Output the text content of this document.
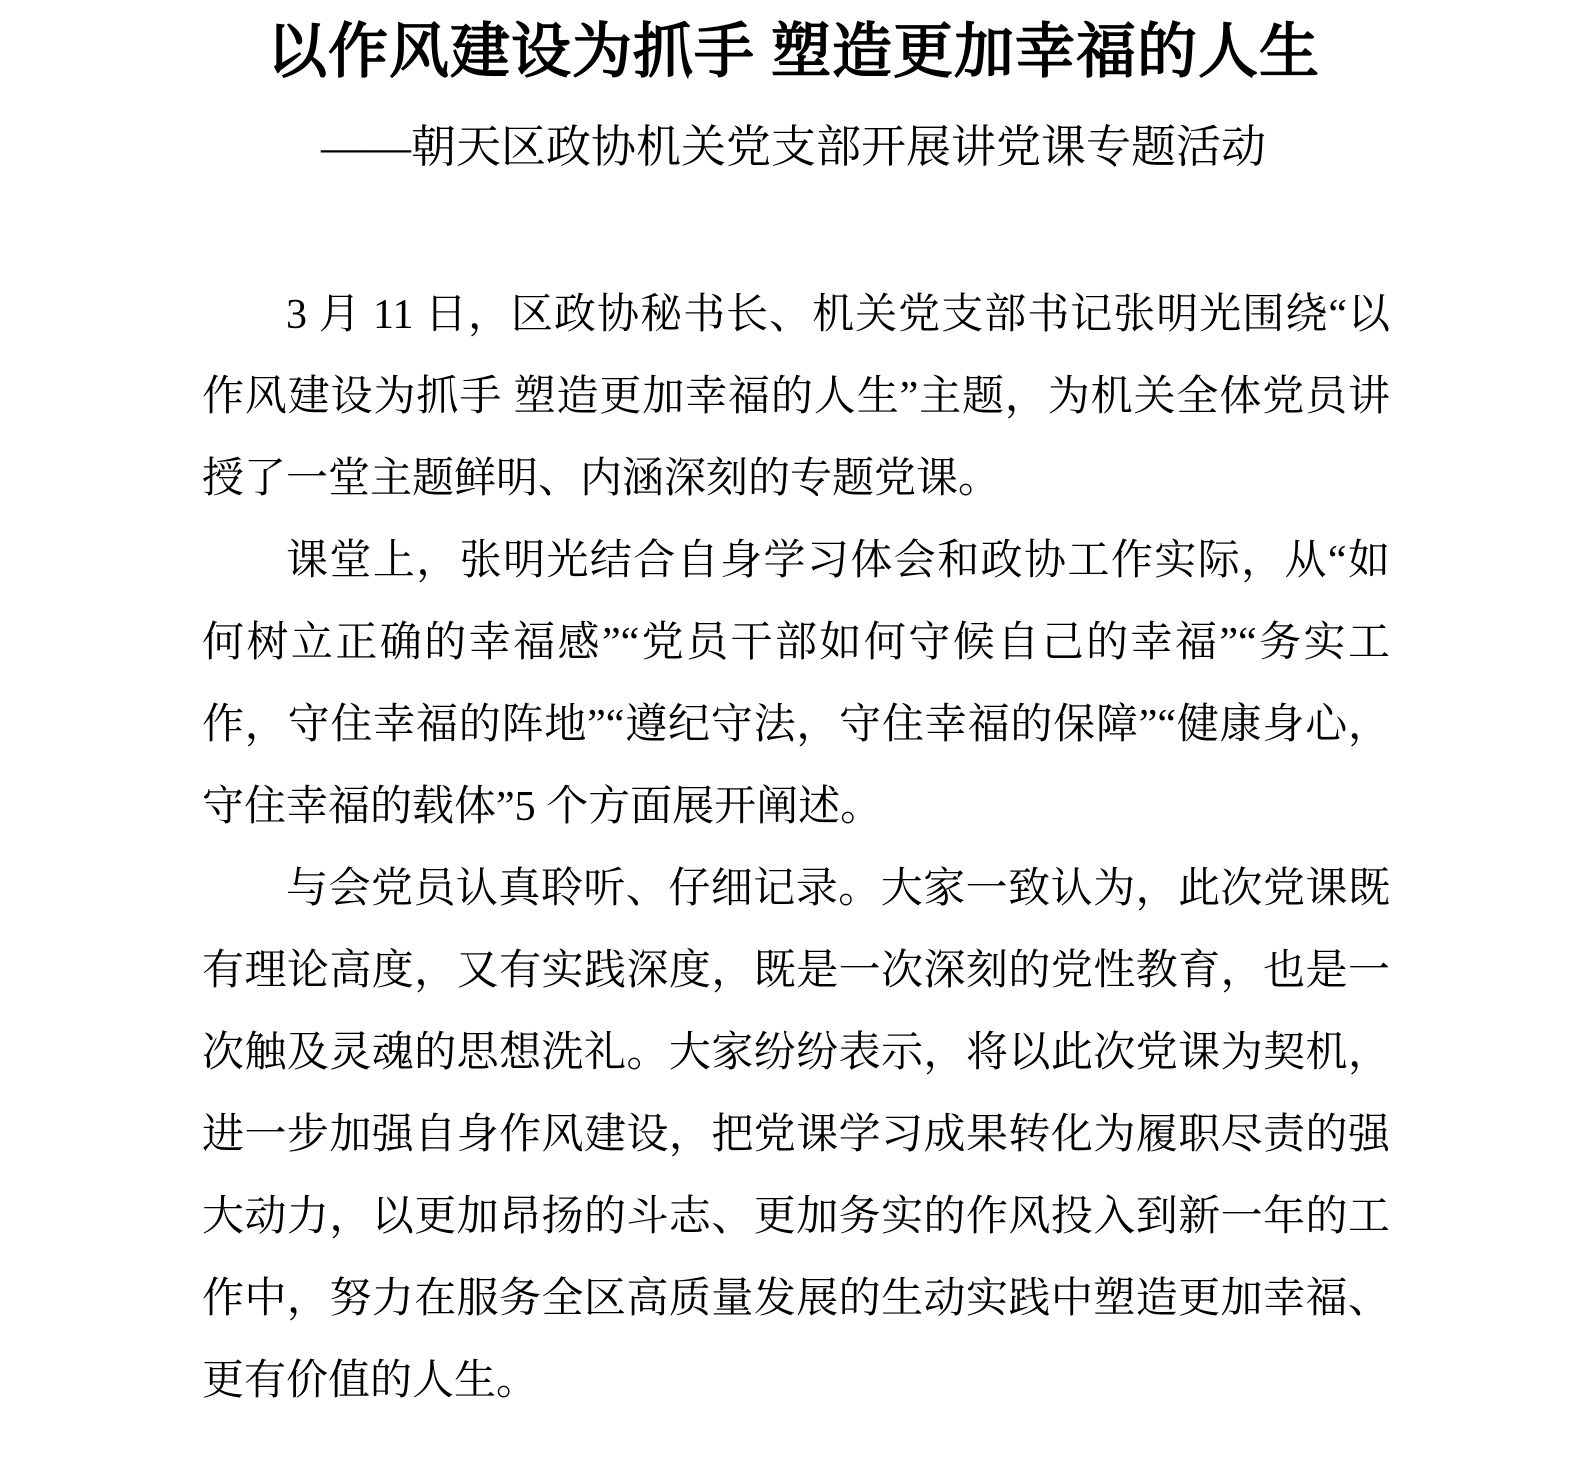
以作风建设为抓手 塑造更加幸福的人生
——朝天区政协机关党支部开展讲党课专题活动

3 月 11 日，区政协秘书长、机关党支部书记张明光围绕“以作风建设为抓手 塑造更加幸福的人生”主题，为机关全体党员讲授了一堂主题鲜明、内涵深刻的专题党课。

课堂上，张明光结合自身学习体会和政协工作实际，从“如何树立正确的幸福感”“党员干部如何守候自己的幸福”“务实工作，守住幸福的阵地”“遵纪守法，守住幸福的保障”“健康身心，守住幸福的载体”5 个方面展开阐述。

与会党员认真聆听、仔细记录。大家一致认为，此次党课既有理论高度，又有实践深度，既是一次深刻的党性教育，也是一次触及灵魂的思想洗礼。大家纷纷表示，将以此次党课为契机，进一步加强自身作风建设，把党课学习成果转化为履职尽责的强大动力，以更加昂扬的斗志、更加务实的作风投入到新一年的工作中，努力在服务全区高质量发展的生动实践中塑造更加幸福、更有价值的人生。
